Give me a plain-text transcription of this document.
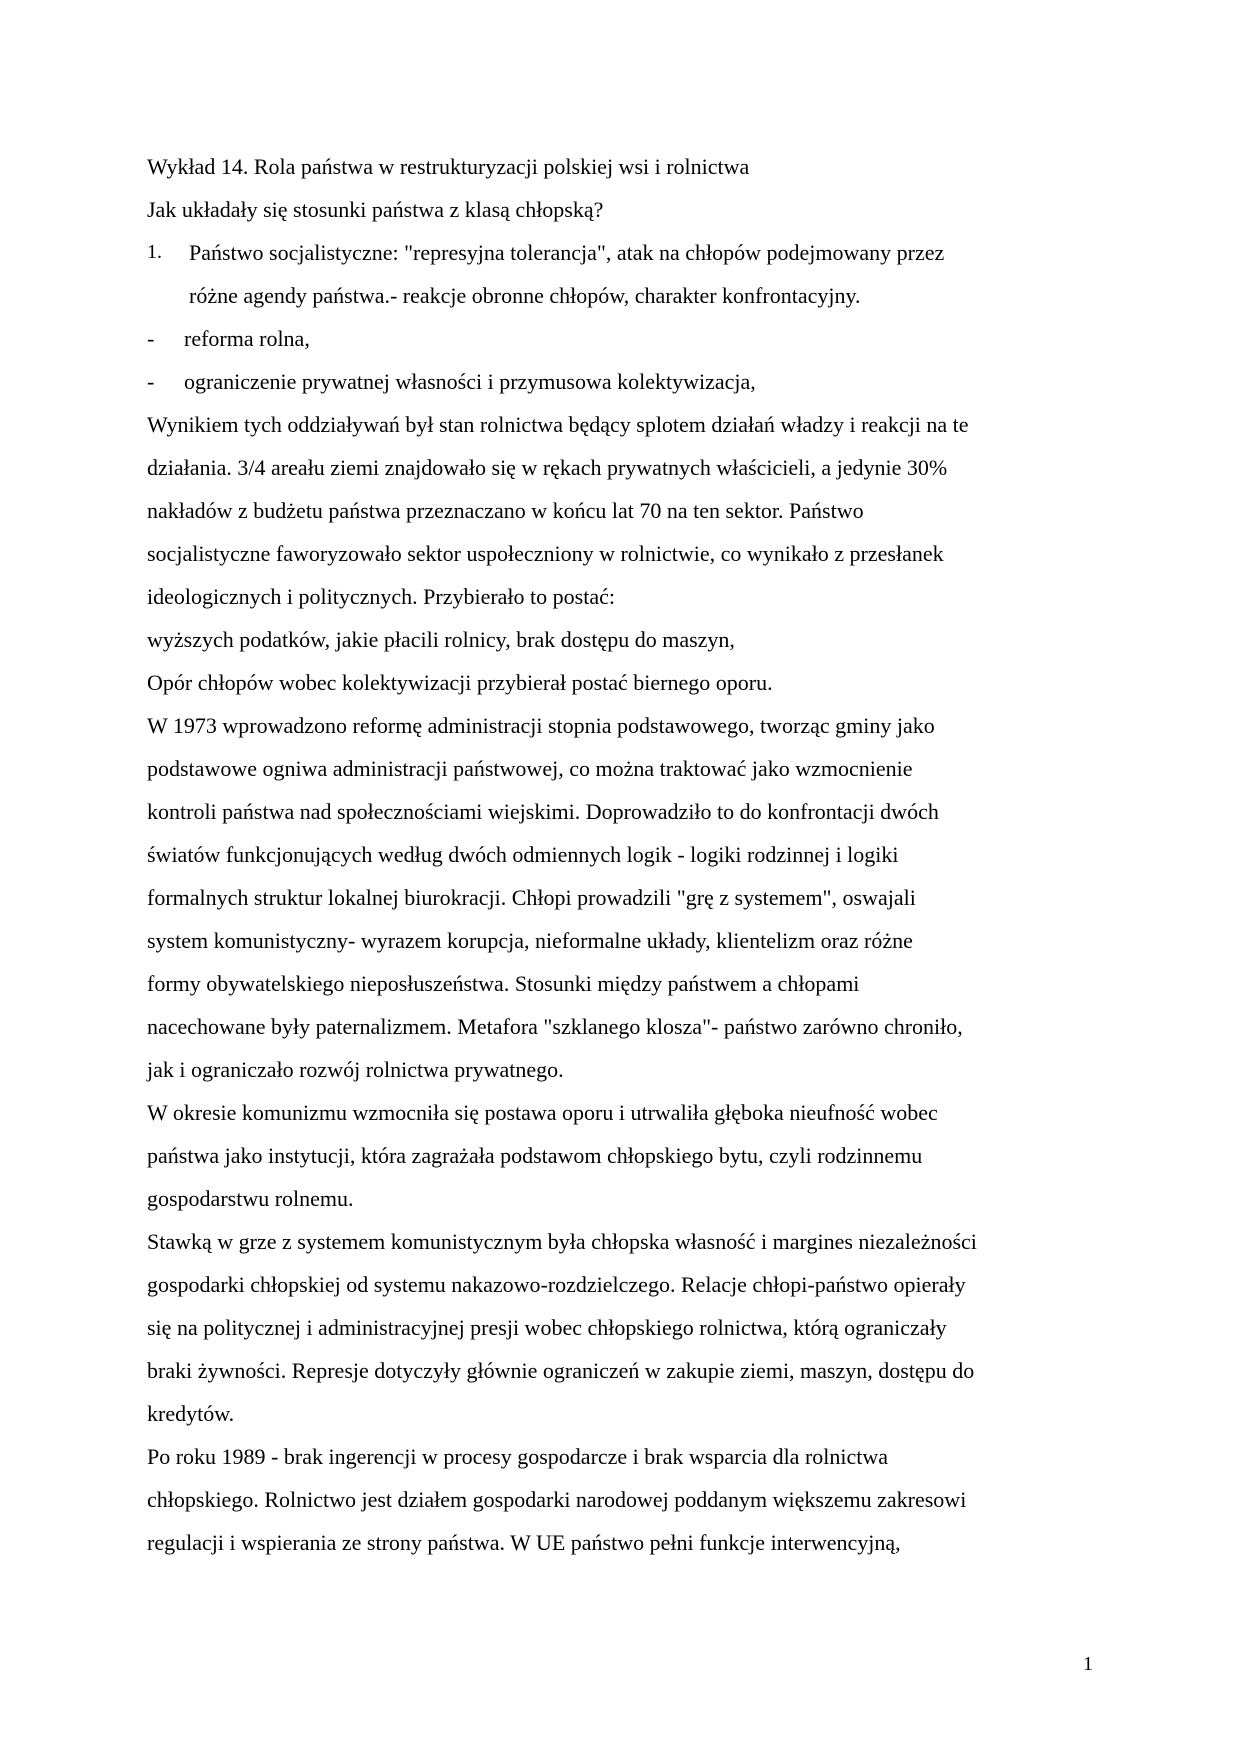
Wykład 14. Rola państwa w restrukturyzacji polskiej wsi i rolnictwa
Jak układały się stosunki państwa z klasą chłopską?
1.	Państwo socjalistyczne: "represyjna tolerancja", atak na chłopów podejmowany przez
różne agendy państwa.- reakcje obronne chłopów, charakter konfrontacyjny.
-	reforma rolna,
-	ograniczenie prywatnej własności i przymusowa kolektywizacja,
Wynikiem tych oddziaływań był stan rolnictwa będący splotem działań władzy i reakcji na te
działania. 3/4 areału ziemi znajdowało się w rękach prywatnych właścicieli, a jedynie 30%
nakładów z budżetu państwa przeznaczano w końcu lat 70 na ten sektor. Państwo
socjalistyczne faworyzowało sektor uspołeczniony w rolnictwie, co wynikało z przesłanek
ideologicznych i politycznych. Przybierało to postać:
wyższych podatków, jakie płacili rolnicy, brak dostępu do maszyn,
Opór chłopów wobec kolektywizacji przybierał postać biernego oporu.
W 1973 wprowadzono reformę administracji stopnia podstawowego, tworząc gminy jako
podstawowe ogniwa administracji państwowej, co można traktować jako wzmocnienie
kontroli państwa nad społecznościami wiejskimi. Doprowadziło to do konfrontacji dwóch
światów funkcjonujących według dwóch odmiennych logik - logiki rodzinnej i logiki
formalnych struktur lokalnej biurokracji. Chłopi prowadzili "grę z systemem", oswajali
system komunistyczny- wyrazem korupcja, nieformalne układy, klientelizm oraz różne
formy obywatelskiego nieposłuszeństwa. Stosunki między państwem a chłopami
nacechowane były paternalizmem. Metafora "szklanego klosza"- państwo zarówno chroniło,
jak i ograniczało rozwój rolnictwa prywatnego.
W okresie komunizmu wzmocniła się postawa oporu i utrwaliła głęboka nieufność wobec
państwa jako instytucji, która zagrażała podstawom chłopskiego bytu, czyli rodzinnemu
gospodarstwu rolnemu.
Stawką w grze z systemem komunistycznym była chłopska własność i margines niezależności
gospodarki chłopskiej od systemu nakazowo-rozdzielczego. Relacje chłopi-państwo opierały
się na politycznej i administracyjnej presji wobec chłopskiego rolnictwa, którą ograniczały
braki żywności. Represje dotyczyły głównie ograniczeń w zakupie ziemi, maszyn, dostępu do
kredytów.
Po roku 1989 - brak ingerencji w procesy gospodarcze i brak wsparcia dla rolnictwa
chłopskiego. Rolnictwo jest działem gospodarki narodowej poddanym większemu zakresowi
regulacji i wspierania ze strony państwa. W UE państwo pełni funkcje interwencyjną,
1
